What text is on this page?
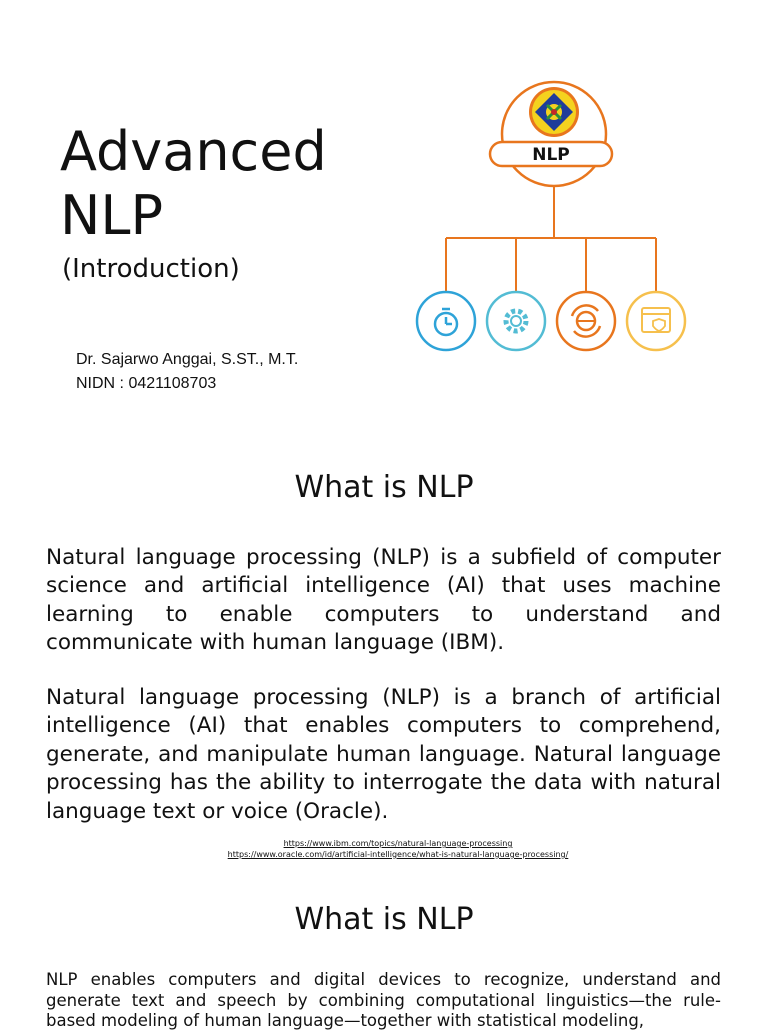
Advanced
NLP
(Introduction)
Dr. Sajarwo Anggai, S.ST., M.T.
NIDN : 0421108703
NLP
What is NLP

Natural language processing (NLP) is a subfield of computer science and artificial intelligence (AI) that uses machine learning to enable computers to understand and communicate with human language (IBM).

Natural language processing (NLP) is a branch of artificial intelligence (AI) that enables computers to comprehend, generate, and manipulate human language. Natural language processing has the ability to interrogate the data with natural language text or voice (Oracle).

https://www.ibm.com/topics/natural-language-processing
https://www.oracle.com/id/artificial-intelligence/what-is-natural-language-processing/
What is NLP

NLP enables computers and digital devices to recognize, understand and generate text and speech by combining computational linguistics—the rule-based modeling of human language—together with statistical modeling,
